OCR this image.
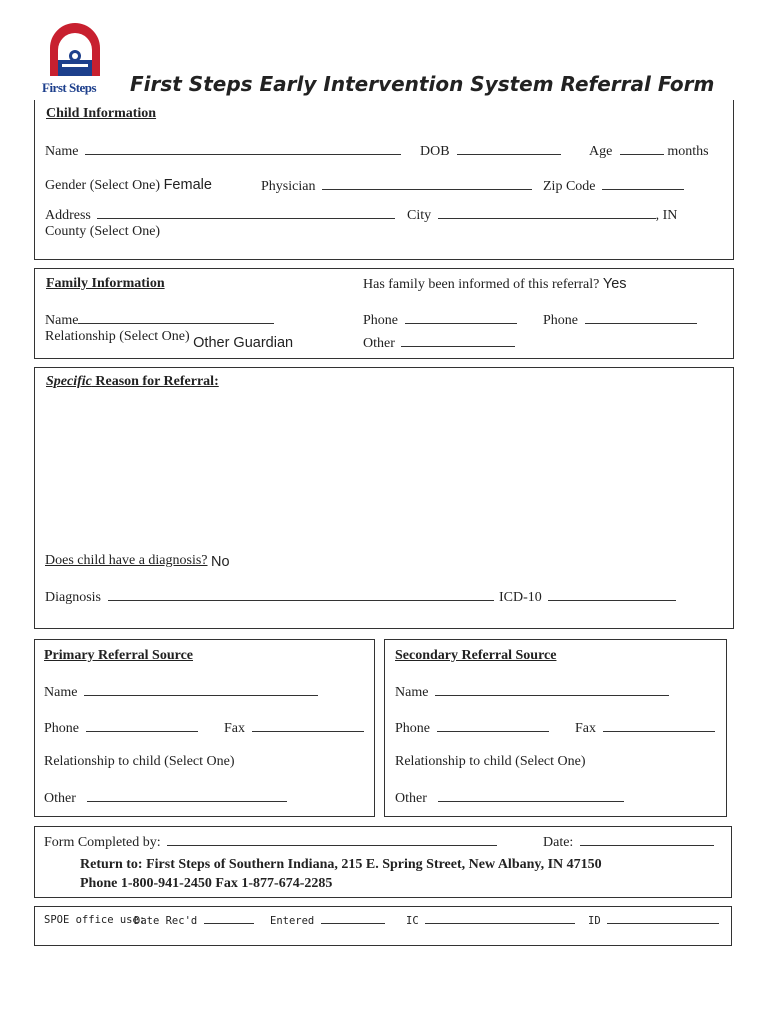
First Steps First Steps Early Intervention System Referral Form
Child Information
Name	DOB	Age	months
Gender (Select One) Female	Physician	Zip Code
Address	City	, IN
County (Select One)
Family Information	Has family been informed of this referral? Yes
Name	Phone	Phone
Relationship (Select One) Other Guardian	Other
Specific Reason for Referral:
Does child have a diagnosis? No
Diagnosis	ICD-10
Primary Referral Source
Name
Phone	Fax
Relationship to child (Select One)
Other
Secondary Referral Source
Name
Phone	Fax
Relationship to child (Select One)
Other
Form Completed by:	Date:
Return to: First Steps of Southern Indiana, 215 E. Spring Street, New Albany, IN 47150
Phone 1-800-941-2450 Fax 1-877-674-2285
SPOE office use:
Date Rec'd	Entered	IC	ID
